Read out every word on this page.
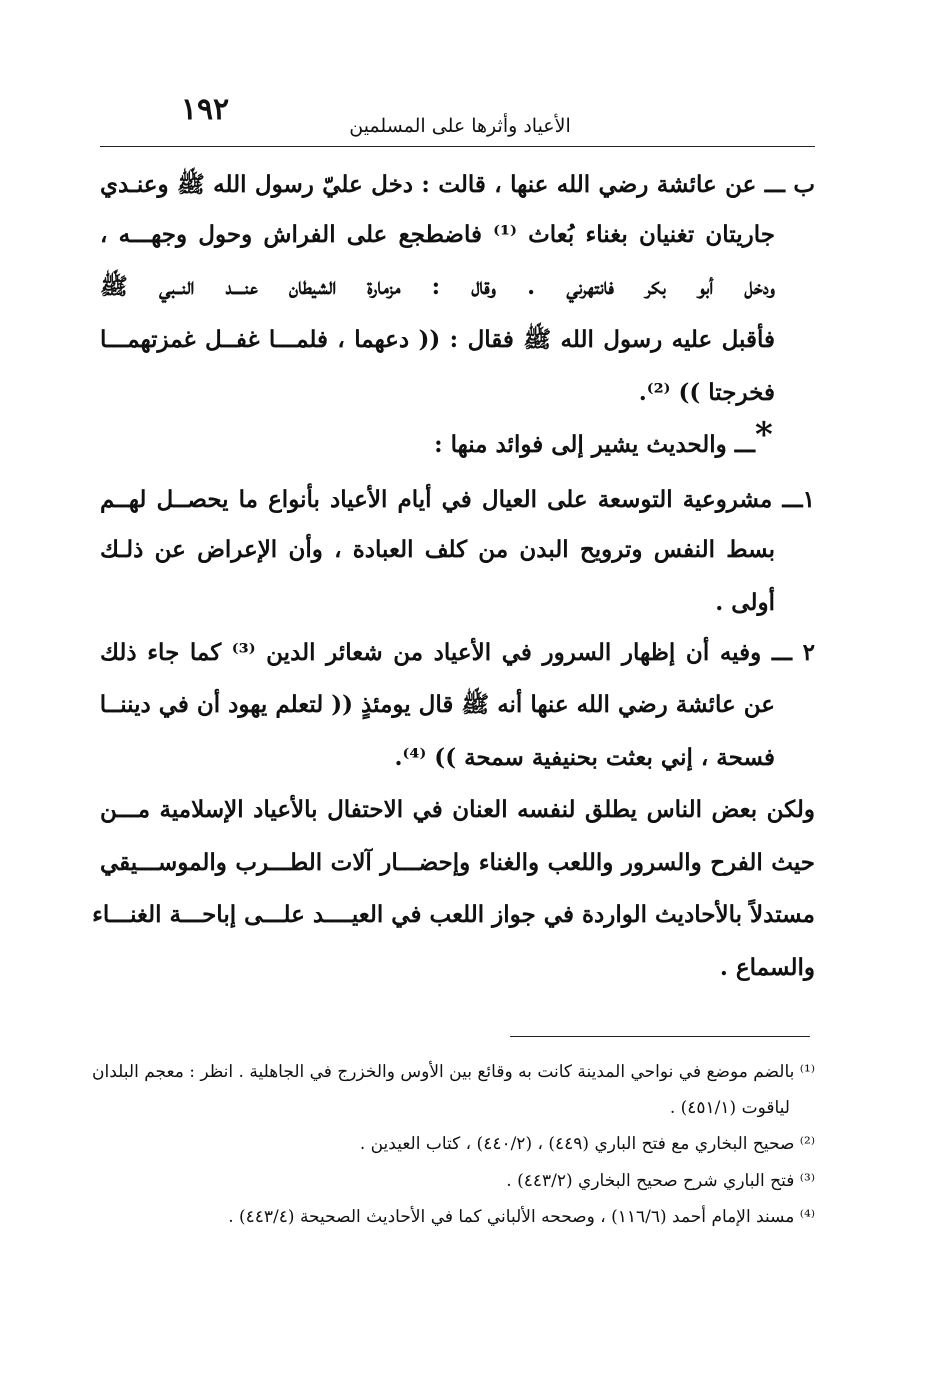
١٩٢	الأعياد وأثرها على المسلمين
ب ـــ عن عائشة رضي الله عنها ، قالت : دخل عليّ رسول الله ﷺ وعنـدي
جاريتان تغنيان بغناء بُعاث ⁽¹⁾ فاضطجع على الفراش وحول وجهـــه ،
ودخل أبو بكر فانتهرني . وقال : مزمارة الشيطان عنــــد النــبي ﷺ
فأقبل عليه رسول الله ﷺ فقال : (( دعهما ، فلمـــا غفــل غمزتهمـــا
فخرجتا )) ⁽²⁾.
*
ـــ والحديث يشير إلى فوائد منها :
١ـــ مشروعية التوسعة على العيال في أيام الأعياد بأنواع ما يحصــل لهــم
بسط النفس وترويح البدن من كلف العبادة ، وأن الإعراض عن ذلـك
أولى .
٢ ـــ وفيه أن إظهار السرور في الأعياد من شعائر الدين ⁽³⁾ كما جاء ذلك
عن عائشة رضي الله عنها أنه ﷺ قال يومئذٍ (( لتعلم يهود أن في ديننــا
فسحة ، إني بعثت بحنيفية سمحة )) ⁽⁴⁾.
ولكن بعض الناس يطلق لنفسه العنان في الاحتفال بالأعياد الإسلامية مـــن
حيث الفرح والسرور واللعب والغناء وإحضـــار آلات الطـــرب والموســـيقي
مستدلاً بالأحاديث الواردة في جواز اللعب في العيــــد علـــى إباحـــة الغنـــاء
والسماع .
⁽¹⁾ بالضم موضع في نواحي المدينة كانت به وقائع بين الأوس والخزرج في الجاهلية . انظر : معجم البلدان
لياقوت (٤٥١/١) .
⁽²⁾ صحيح البخاري مع فتح الباري (٤٤٩) ، (٤٤٠/٢) ، كتاب العيدين .
⁽³⁾ فتح الباري شرح صحيح البخاري (٤٤٣/٢) .
⁽⁴⁾ مسند الإمام أحمد (١١٦/٦) ، وصححه الألباني كما في الأحاديث الصحيحة (٤٤٣/٤) .
